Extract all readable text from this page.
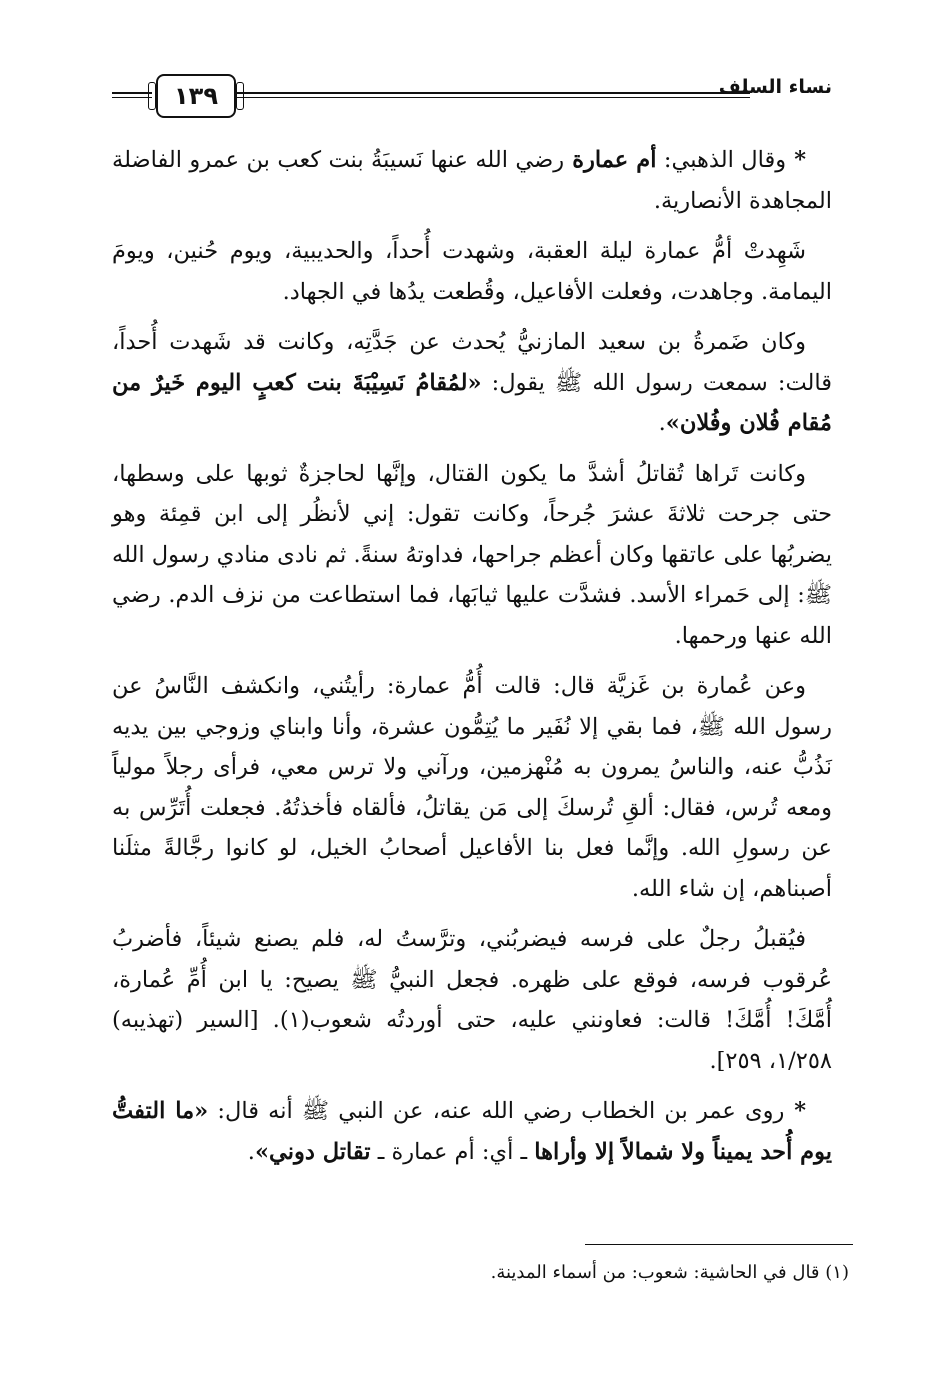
١٣٩	نساء السلف

* وقال الذهبي: أم عمارة رضي الله عنها نَسيبَةُ بنت كعب بن عمرو الفاضلة المجاهدة الأنصارية.

شَهِدتْ أمُّ عمارة ليلة العقبة، وشهدت أُحداً، والحديبية، ويوم حُنين، ويومَ اليمامة. وجاهدت، وفعلت الأفاعيل، وقُطعت يدُها في الجهاد.

وكان ضَمرةُ بن سعيد المازنيُّ يُحدث عن جَدَّتِه، وكانت قد شَهدت أُحداً، قالت: سمعت رسول الله ﷺ يقول: «لمُقامُ نَسِيْبَةَ بنت كعبٍ اليوم خَيرٌ من مُقام فُلان وفُلان».

وكانت تَراها تُقاتلُ أشدَّ ما يكون القتال، وإنَّها لحاجزةٌ ثوبها على وسطها، حتى جرحت ثلاثةَ عشرَ جُرحاً، وكانت تقول: إني لأنظُر إلى ابن قمِئة وهو يضربُها على عاتقها وكان أعظم جراحها، فداوتهُ سنةً. ثم نادى منادي رسول الله ﷺ: إلى حَمراء الأسد. فشدَّت عليها ثيابَها، فما استطاعت من نزف الدم. رضي الله عنها ورحمها.

وعن عُمارة بن غَزيَّة قال: قالت أُمُّ عمارة: رأيتُني، وانكشف النَّاسُ عن رسول الله ﷺ، فما بقي إلا نُفَير ما يُتِمُّون عشرة، وأنا وابناي وزوجي بين يديه نَذُبُّ عنه، والناسُ يمرون به مُنْهزمين، ورآني ولا ترس معي، فرأى رجلاً مولياً ومعه تُرس، فقال: ألقِ تُرسكَ إلى مَن يقاتلُ، فألقاه فأخذتُهُ. فجعلت أُتَرِّس به عن رسولِ الله. وإنَّما فعل بنا الأفاعيل أصحابُ الخيل، لو كانوا رجَّالةً مثلَنا أصبناهم، إن شاء الله.

فيُقبلُ رجلٌ على فرسه فيضربُني، وترَّستُ له، فلم يصنع شيئاً، فأضربُ عُرقوب فرسه، فوقع على ظهره. فجعل النبيُّ ﷺ يصيح: يا ابن أُمِّ عُمارة، أُمَّكَ! أُمَّكَ! قالت: فعاونني عليه، حتى أوردتُه شعوب(١). [السير (تهذيبه) ١/٢٥٨، ٢٥٩].

* روى عمر بن الخطاب رضي الله عنه، عن النبي ﷺ أنه قال: «ما التفتُّ يوم أُحد يميناً ولا شمالاً إلا وأراها ـ أي: أم عمارة ـ تقاتل دوني».

(١) قال في الحاشية: شعوب: من أسماء المدينة.
